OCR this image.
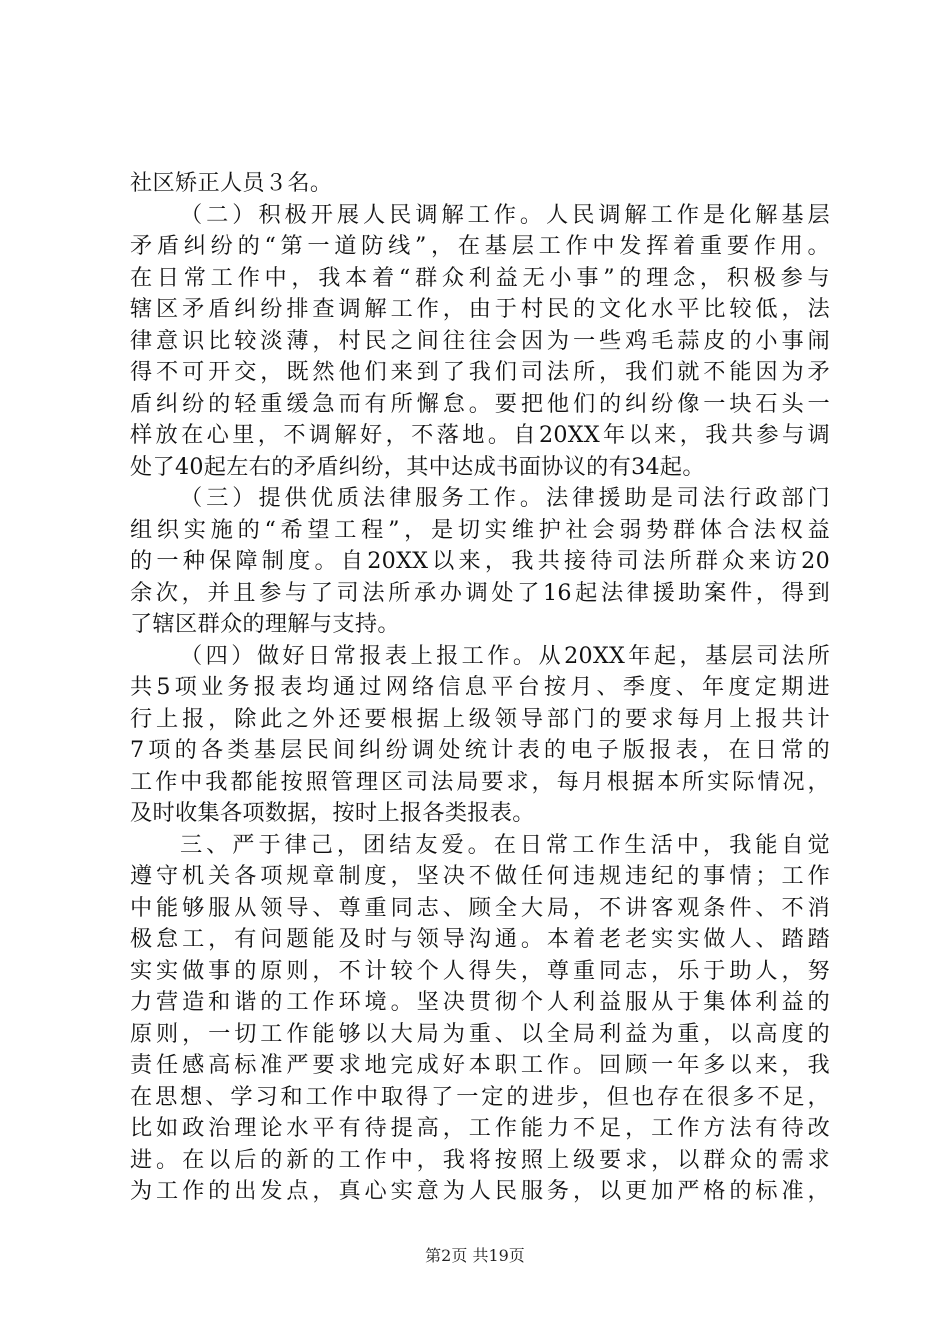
社区矫正人员３名。
（二）积极开展人民调解工作。人民调解工作是化解基层
矛盾纠纷的“第一道防线”，在基层工作中发挥着重要作用。
在日常工作中，我本着“群众利益无小事”的理念，积极参与
辖区矛盾纠纷排查调解工作，由于村民的文化水平比较低，法
律意识比较淡薄，村民之间往往会因为一些鸡毛蒜皮的小事闹
得不可开交，既然他们来到了我们司法所，我们就不能因为矛
盾纠纷的轻重缓急而有所懈怠。要把他们的纠纷像一块石头一
样放在心里，不调解好，不落地。自20XX年以来，我共参与调
处了40起左右的矛盾纠纷，其中达成书面协议的有34起。
（三）提供优质法律服务工作。法律援助是司法行政部门
组织实施的“希望工程”，是切实维护社会弱势群体合法权益
的一种保障制度。自20XX以来，我共接待司法所群众来访20
余次，并且参与了司法所承办调处了16起法律援助案件，得到
了辖区群众的理解与支持。
（四）做好日常报表上报工作。从20XX年起，基层司法所
共5项业务报表均通过网络信息平台按月、季度、年度定期进
行上报，除此之外还要根据上级领导部门的要求每月上报共计
7项的各类基层民间纠纷调处统计表的电子版报表，在日常的
工作中我都能按照管理区司法局要求，每月根据本所实际情况，
及时收集各项数据，按时上报各类报表。
三、严于律己，团结友爱。在日常工作生活中，我能自觉
遵守机关各项规章制度，坚决不做任何违规违纪的事情；工作
中能够服从领导、尊重同志、顾全大局，不讲客观条件、不消
极怠工，有问题能及时与领导沟通。本着老老实实做人、踏踏
实实做事的原则，不计较个人得失，尊重同志，乐于助人，努
力营造和谐的工作环境。坚决贯彻个人利益服从于集体利益的
原则，一切工作能够以大局为重、以全局利益为重，以高度的
责任感高标准严要求地完成好本职工作。回顾一年多以来，我
在思想、学习和工作中取得了一定的进步，但也存在很多不足，
比如政治理论水平有待提高，工作能力不足，工作方法有待改
进。在以后的新的工作中，我将按照上级要求，以群众的需求
为工作的出发点，真心实意为人民服务，以更加严格的标准，
第2页 共19页
